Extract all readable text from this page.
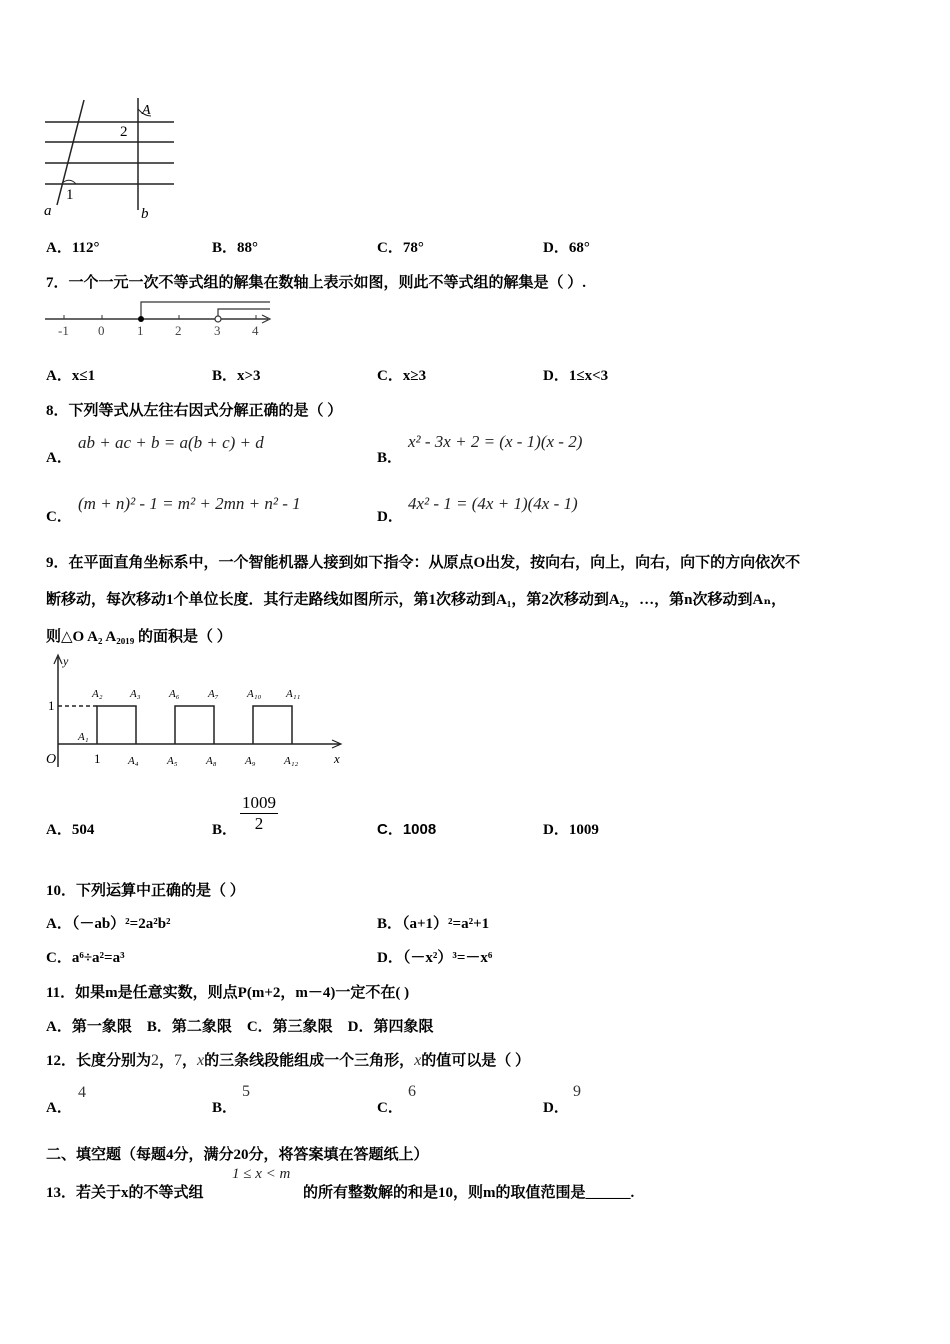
A
2
1
a	b
A．112°	B．88°	C．78°	D．68°
7．一个一元一次不等式组的解集在数轴上表示如图，则此不等式组的解集是（ ）.
-1 0	1 2	3 4
A．x≤1	B．x>3	C．x≥3	D．1≤x<3
8．下列等式从左往右因式分解正确的是（ ）
A．
ab + ac + b = a(b + c) + d
B．
x² - 3x + 2 = (x - 1)(x - 2)
C．
(m + n)² - 1 = m² + 2mn + n² - 1
D．
4x² - 1 = (4x + 1)(4x - 1)
9．在平面直角坐标系中，一个智能机器人接到如下指令：从原点O出发，按向右，向上，向右，向下的方向依次不
断移动，每次移动1个单位长度．其行走路线如图所示，第1次移动到A₁，第2次移动到A₂，…，第n次移动到Aₙ，
则△O A₂ A₂₀₁₉ 的面积是（ ）
y
x
O	1
1
A₁
A₂ A₃	A₆	A₇	A₁₀ A₁₁
A₄	A₅	A₈	A₉	A₁₂
A．504	B． $\frac{1009}{2}$	C．1008	D．1009
10．下列运算中正确的是（ ）
A．（－ab）²=2a²b²	B．（a+1）²=a²+1
C．a⁶÷a²=a³	D．（－x²）³=－x⁶
11．如果m是任意实数，则点P(m+2，m－4)一定不在( )
A．第一象限    B．第二象限    C．第三象限    D．第四象限
12．长度分别为2，7，x的三条线段能组成一个三角形，x的值可以是（ ）
A．
4
B．
5
C．
6
D．
9
二、填空题（每题4分，满分20分，将答案填在答题纸上）
13．若关于x的不等式组
1 ≤ x < m
的所有整数解的和是10，则m的取值范围是______.
